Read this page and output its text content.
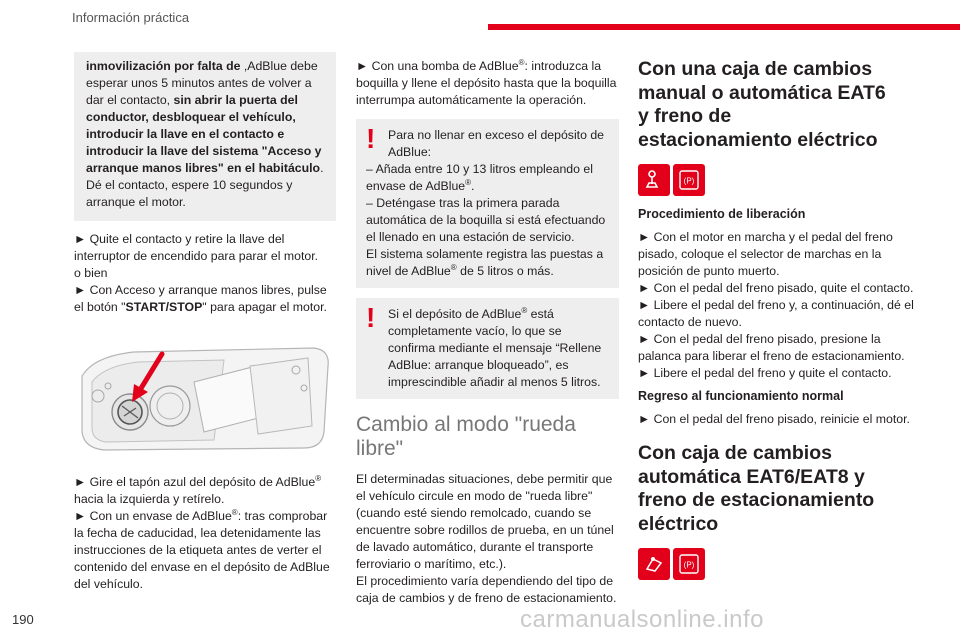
Información práctica

inmovilización por falta de ,AdBlue debe esperar unos 5 minutos antes de volver a dar el contacto, sin abrir la puerta del conductor, desbloquear el vehículo, introducir la llave en el contacto e introducir la llave del sistema "Acceso y arranque manos libres" en el habitáculo.

Dé el contacto, espere 10 segundos y arranque el motor.

► Quite el contacto y retire la llave del interruptor de encendido para parar el motor.

o bien

► Con Acceso y arranque manos libres, pulse el botón "START/STOP" para apagar el motor.

► Gire el tapón azul del depósito de AdBlue® hacia la izquierda y retírelo.

► Con un envase de AdBlue®: tras comprobar la fecha de caducidad, lea detenidamente las instrucciones de la etiqueta antes de verter el contenido del envase en el depósito de AdBlue del vehículo.

► Con una bomba de AdBlue®: introduzca la boquilla y llene el depósito hasta que la boquilla interrumpa automáticamente la operación.

! Para no llenar en exceso el depósito de AdBlue:

– Añada entre 10 y 13 litros empleando el envase de AdBlue®.

– Deténgase tras la primera parada automática de la boquilla si está efectuando el llenado en una estación de servicio.

El sistema solamente registra las puestas a nivel de AdBlue® de 5 litros o más.

! Si el depósito de AdBlue® está completamente vacío, lo que se confirma mediante el mensaje “Rellene AdBlue: arranque bloqueado”, es imprescindible añadir al menos 5 litros.

Cambio al modo "rueda libre"

El determinadas situaciones, debe permitir que el vehículo circule en modo de "rueda libre" (cuando esté siendo remolcado, cuando se encuentre sobre rodillos de prueba, en un túnel de lavado automático, durante el transporte ferroviario o marítimo, etc.).

El procedimiento varía dependiendo del tipo de caja de cambios y de freno de estacionamiento.

Con una caja de cambios manual o automática EAT6 y freno de estacionamiento eléctrico
(P)

Procedimiento de liberación

► Con el motor en marcha y el pedal del freno pisado, coloque el selector de marchas en la posición de punto muerto.

► Con el pedal del freno pisado, quite el contacto.

► Libere el pedal del freno y, a continuación, dé el contacto de nuevo.

► Con el pedal del freno pisado, presione la palanca para liberar el freno de estacionamiento.

► Libere el pedal del freno y quite el contacto.

Regreso al funcionamiento normal

► Con el pedal del freno pisado, reinicie el motor.

Con caja de cambios automática EAT6/EAT8 y freno de estacionamiento eléctrico
(P)
190	carmanualsonline.info
